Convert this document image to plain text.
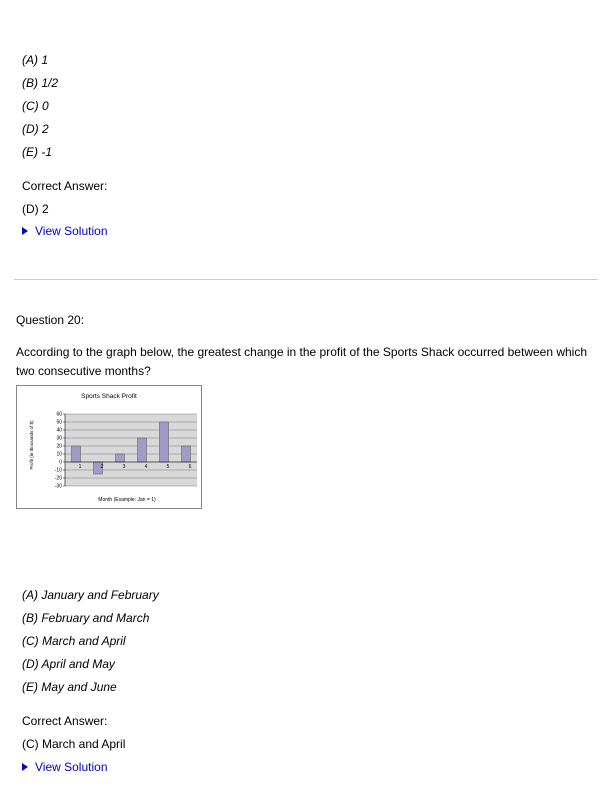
(A) 1
(B) 1/2
(C) 0
(D) 2
(E) -1
Correct Answer:
(D) 2
View Solution
Question 20:
According to the graph below, the greatest change in the profit of the Sports Shack occurred between which two consecutive months?
Sports Shack Profit
Profit (in thousands of $)
Month (Example: Jan = 1)
60
50
40
30
20
10
0
-10
-20
-30
1	2	3	4	5	6
(A) January and February
(B) February and March
(C) March and April
(D) April and May
(E) May and June
Correct Answer:
(C) March and April
View Solution
